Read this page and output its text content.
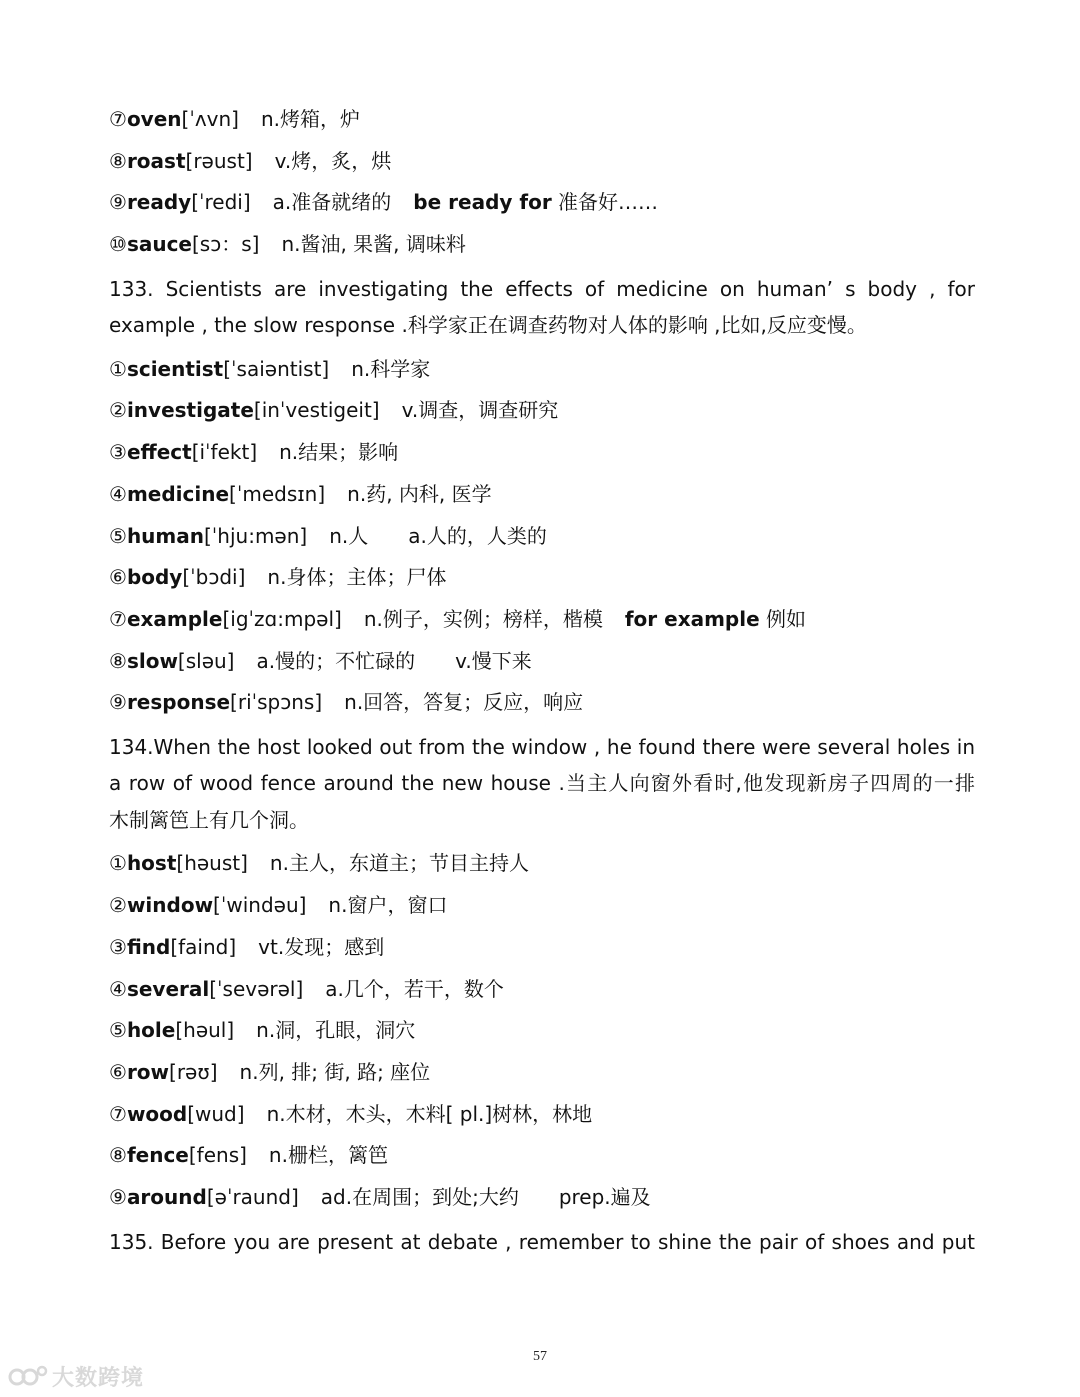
⑦oven[ˈʌvn] n.烤箱，炉
⑧roast[rəust] v.烤，炙，烘
⑨ready[ˈredi] a.准备就绪的 be ready for 准备好……
⑩sauce[sɔ：s] n.酱油, 果酱, 调味料
133. Scientists are investigating the effects of medicine on human’ s body , for
example , the slow response .科学家正在调查药物对人体的影响 ,比如,反应变慢。
①scientist[ˈsaiəntist] n.科学家
②investigate[inˈvestigeit] v.调查，调查研究
③effect[iˈfekt] n.结果；影响
④medicine[ˈmedsɪn] n.药, 内科, 医学
⑤human[ˈhju:mən] n.人 a.人的，人类的
⑥body[ˈbɔdi] n.身体；主体；尸体
⑦example[igˈzɑ:mpəl] n.例子，实例；榜样，楷模 for example 例如
⑧slow[sləu] a.慢的；不忙碌的 v.慢下来
⑨response[riˈspɔns] n.回答，答复；反应，响应
134.When the host looked out from the window , he found there were several holes in
a row of wood fence around the new house .当主人向窗外看时,他发现新房子四周的一排
木制篱笆上有几个洞。
①host[həust] n.主人，东道主；节目主持人
②window[ˈwindəu] n.窗户，窗口
③find[faind] vt.发现；感到
④several[ˈsevərəl] a.几个，若干，数个
⑤hole[həul] n.洞，孔眼，洞穴
⑥row[rəʊ] n.列, 排; 街, 路; 座位
⑦wood[wud] n.木材，木头，木料[ pl.]树林，林地
⑧fence[fens] n.栅栏，篱笆
⑨around[əˈraund] ad.在周围；到处;大约 prep.遍及
135. Before you are present at debate , remember to shine the pair of shoes and put
57
大数跨境
